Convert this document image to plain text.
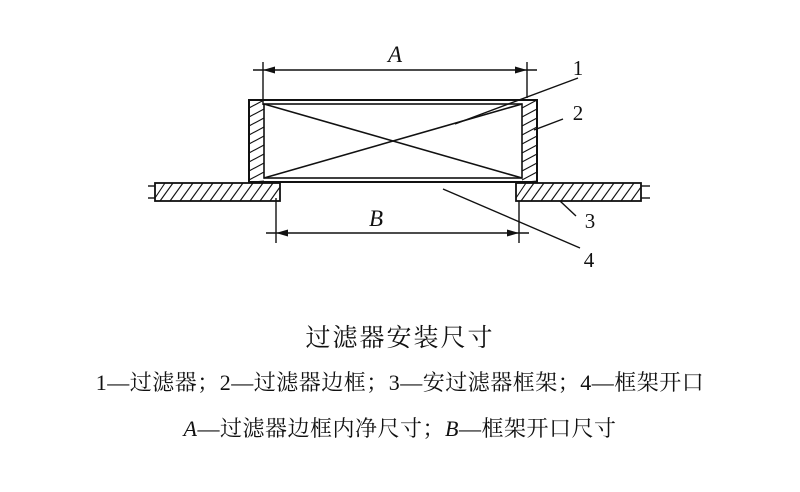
A
1
2
3
4
B
过滤器安装尺寸
1—过滤器；2—过滤器边框；3—安过滤器框架；4—框架开口
A—过滤器边框内净尺寸；B—框架开口尺寸
